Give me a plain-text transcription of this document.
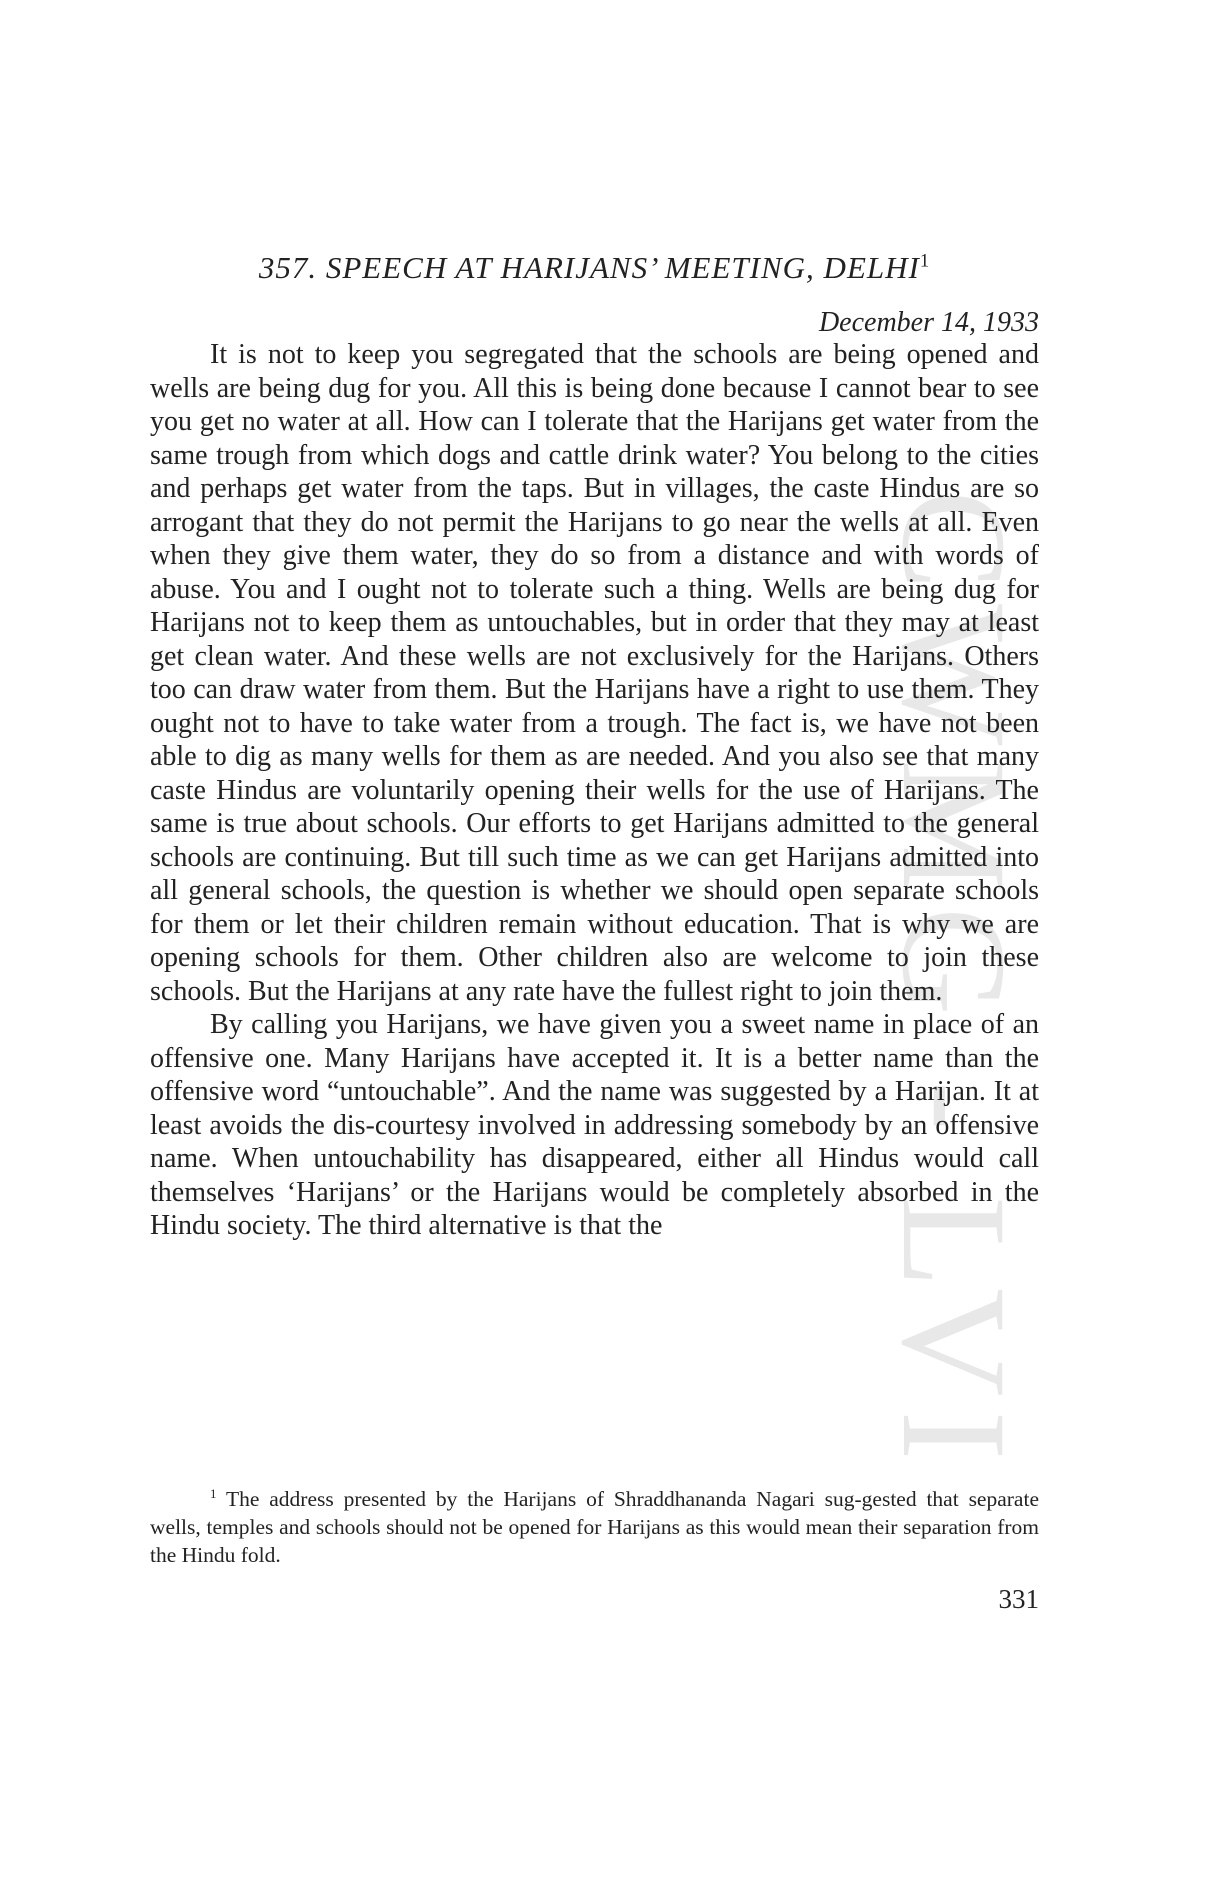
CWMG - LVI

357. SPEECH AT HARIJANS’ MEETING, DELHI$^1$

December 14, 1933

It is not to keep you segregated that the schools are being opened and wells are being dug for you. All this is being done because I cannot bear to see you get no water at all. How can I tolerate that the Harijans get water from the same trough from which dogs and cattle drink water? You belong to the cities and perhaps get water from the taps. But in villages, the caste Hindus are so arrogant that they do not permit the Harijans to go near the wells at all. Even when they give them water, they do so from a distance and with words of abuse. You and I ought not to tolerate such a thing. Wells are being dug for Harijans not to keep them as untouchables, but in order that they may at least get clean water. And these wells are not exclusively for the Harijans. Others too can draw water from them. But the Harijans have a right to use them. They ought not to have to take water from a trough. The fact is, we have not been able to dig as many wells for them as are needed. And you also see that many caste Hindus are voluntarily opening their wells for the use of Harijans. The same is true about schools. Our efforts to get Harijans admitted to the general schools are continuing. But till such time as we can get Harijans admitted into all general schools, the question is whether we should open separate schools for them or let their children remain without education. That is why we are opening schools for them. Other children also are welcome to join these schools. But the Harijans at any rate have the fullest right to join them.

By calling you Harijans, we have given you a sweet name in place of an offensive one. Many Harijans have accepted it. It is a better name than the offensive word “untouchable”. And the name was suggested by a Harijan. It at least avoids the dis-courtesy involved in addressing somebody by an offensive name. When untouchability has disappeared, either all Hindus would call themselves ‘Harijans’ or the Harijans would be completely absorbed in the Hindu society. The third alternative is that the

$^1$ The address presented by the Harijans of Shraddhananda Nagari sug-gested that separate wells, temples and schools should not be opened for Harijans as this would mean their separation from the Hindu fold.

331
